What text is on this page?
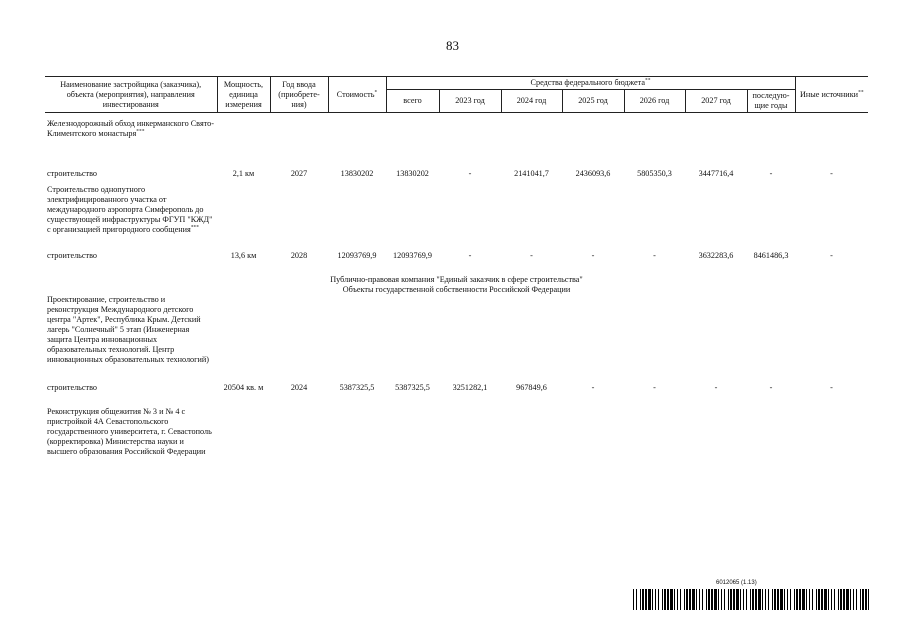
83
Наименование застройщика (заказчика), объекта (мероприятия), направления инвестирования	Мощность, единица измерения	Год ввода (приобрете-ния)	Стоимость*	Средства федерального бюджета**							Иные источники**
				всего	2023 год	2024 год	2025 год	2026 год	2027 год	последую-щие годы	

Железнодорожный обход инкерманского Свято-Климентского монастыря***	
строительство	2,1 км	2027	13830202	13830202	-	2141041,7	2436093,6	5805350,3	3447716,4	-	-

Строительство однопутного электрифицированного участка от международного аэропорта Симферополь до существующей инфраструктуры ФГУП "КЖД" с организацией пригородного сообщения***	
строительство	13,6 км	2028	12093769,9	12093769,9	-	-	-	-	3632283,6	8461486,3	-
Публично-правовая компания "Единый заказчик в сфере строительства"											
Объекты государственной собственности Российской Федерации											
Проектирование, строительство и реконструкция Международного детского центра "Артек", Республика Крым. Детский лагерь "Солнечный" 5 этап (Инженерная защита Центра инновационных образовательных технологий. Центр инновационных образовательных технологий)											
строительство	20504 кв. м	2024	5387325,5	5387325,5	3251282,1	967849,6	-	-	-	-	-

Реконструкция общежития № 3 и № 4 с пристройкой 4А Севастопольского государственного университета, г. Севастополь (корректировка) Министерства науки и высшего образования Российской Федерации											
6012065 (1.13)
